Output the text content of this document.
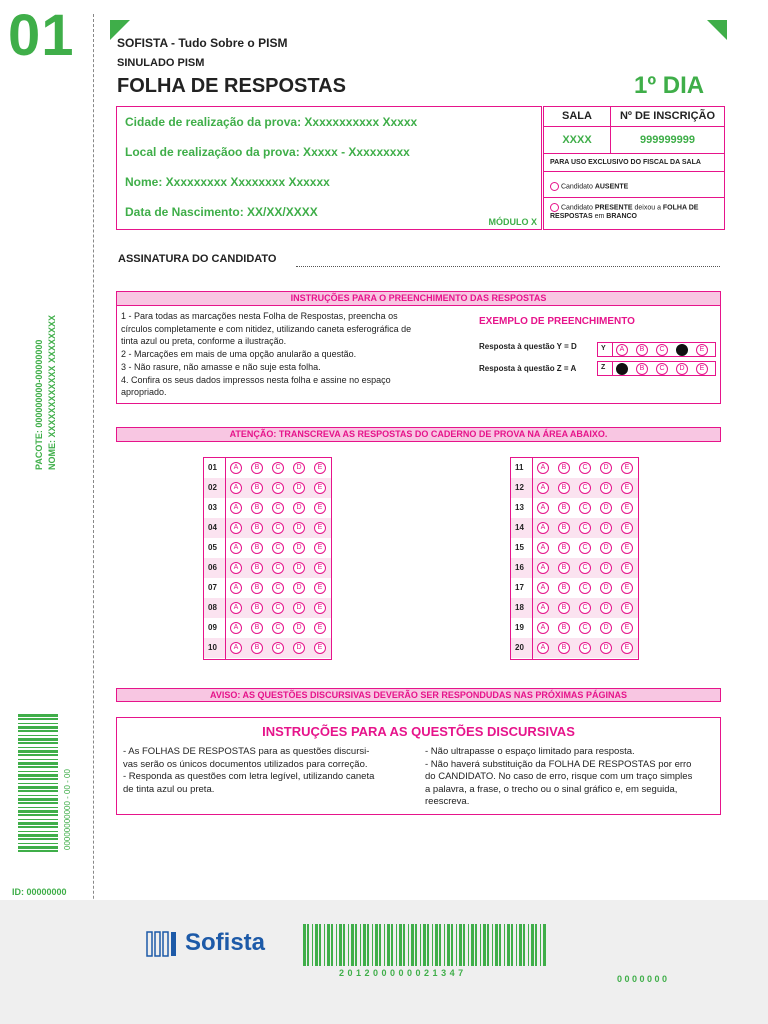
01	SOFISTA - Tudo Sobre o PISM
SINULADO PISM
FOLHA DE RESPOSTAS	1º DIA
Cidade de realização da prova: Xxxxxxxxxxx Xxxxx
Local de realizaçãoo da prova: Xxxxx - Xxxxxxxxx
Nome: Xxxxxxxxx Xxxxxxxx Xxxxxx
Data de Nascimento: XX/XX/XXXX
MÓDULO X
SALA	Nº DE INSCRIÇÃO
XXXX	999999999
PARA USO EXCLUSIVO DO FISCAL DA SALA
Candidato AUSENTE
Candidato PRESENTE deixou a FOLHA DE RESPOSTAS em BRANCO
ASSINATURA DO CANDIDATO
INSTRUÇÕES PARA O PREENCHIMENTO DAS RESPOSTAS
1 - Para todas as marcações nesta Folha de Respostas, preencha os
círculos completamente e com nitidez, utilizando caneta esferográfica de
tinta azul ou preta, conforme a ilustração.
2 - Marcações em mais de uma opção anularão a questão.
3 - Não rasure, não amasse e não suje esta folha.
4. Confira os seus dados impressos nesta folha e assine no espaço
apropriado.
EXEMPLO DE PREENCHIMENTO
Resposta à questão Y = D
Resposta à questão Z = A
Y	A	B	C	D	E
Z	A	B	C	D	E
ATENÇÃO: TRANSCREVA AS RESPOSTAS DO CADERNO DE PROVA NA ÁREA ABAIXO.
01	A	B	C	D	E
02	A	B	C	D	E
03	A	B	C	D	E
04	A	B	C	D	E
05	A	B	C	D	E
06	A	B	C	D	E
07	A	B	C	D	E
08	A	B	C	D	E
09	A	B	C	D	E
10	A	B	C	D	E
11	A	B	C	D	E
12	A	B	C	D	E
13	A	B	C	D	E
14	A	B	C	D	E
15	A	B	C	D	E
16	A	B	C	D	E
17	A	B	C	D	E
18	A	B	C	D	E
19	A	B	C	D	E
20	A	B	C	D	E
AVISO: AS QUESTÕES DISCURSIVAS DEVERÃO SER RESPONDUDAS NAS PRÓXIMAS PÁGINAS
INSTRUÇÕES PARA AS QUESTÕES DISCURSIVAS
- As FOLHAS DE RESPOSTAS para as questões discursi-
vas serão os únicos documentos utilizados para correção.
- Responda as questões com letra legível, utilizando caneta
de tinta azul ou preta.
- Não ultrapasse o espaço limitado para resposta.
- Não haverá substituição da FOLHA DE RESPOSTAS por erro
do CANDIDATO. No caso de erro, risque com um traço simples
a palavra, a frase, o trecho ou o sinal gráfico e, em seguida,
reescreva.
PACOTE: 000000000-00000000 NOME: XXXXXXXXXXXX XXXXXXXX
00000000000 - 00 - 00
ID: 00000000
Sofista
201200000021347
0000000
